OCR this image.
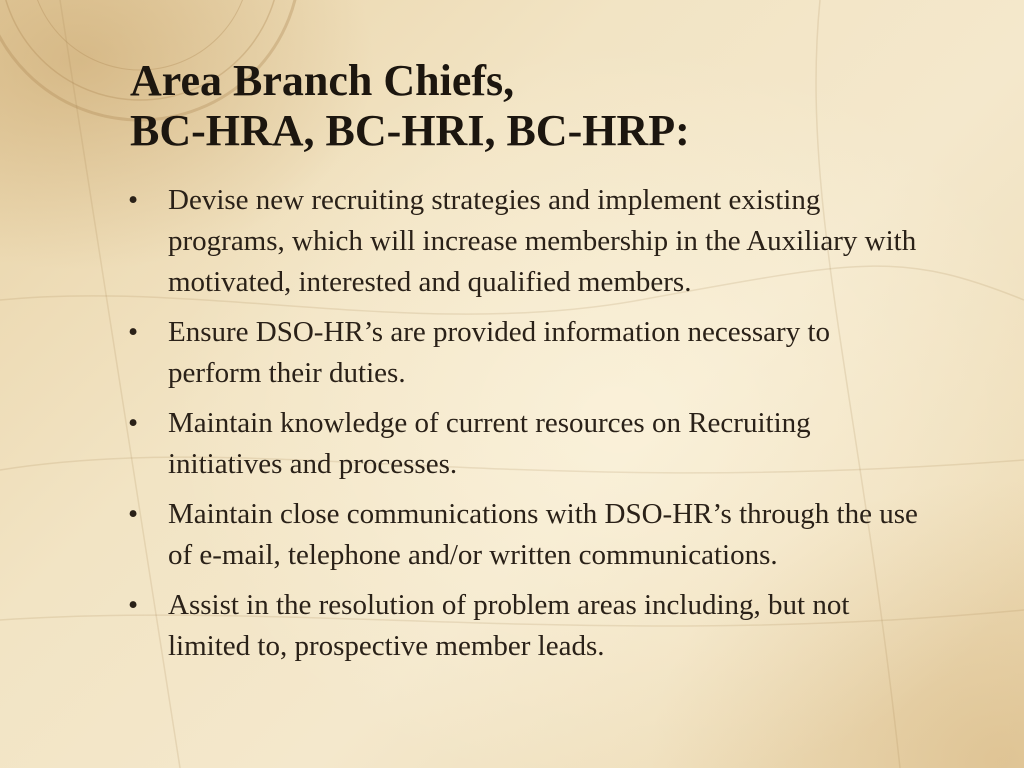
Area Branch Chiefs,
BC-HRA, BC-HRI, BC-HRP:
• Devise new recruiting strategies and implement existing programs, which will increase membership in the Auxiliary with motivated, interested and qualified members.
• Ensure DSO-HR’s are provided information necessary to perform their duties.
• Maintain knowledge of current resources on Recruiting initiatives and processes.
• Maintain close communications with DSO-HR’s through the use of e-mail, telephone and/or written communications.
• Assist in the resolution of problem areas including, but not limited to, prospective member leads.
